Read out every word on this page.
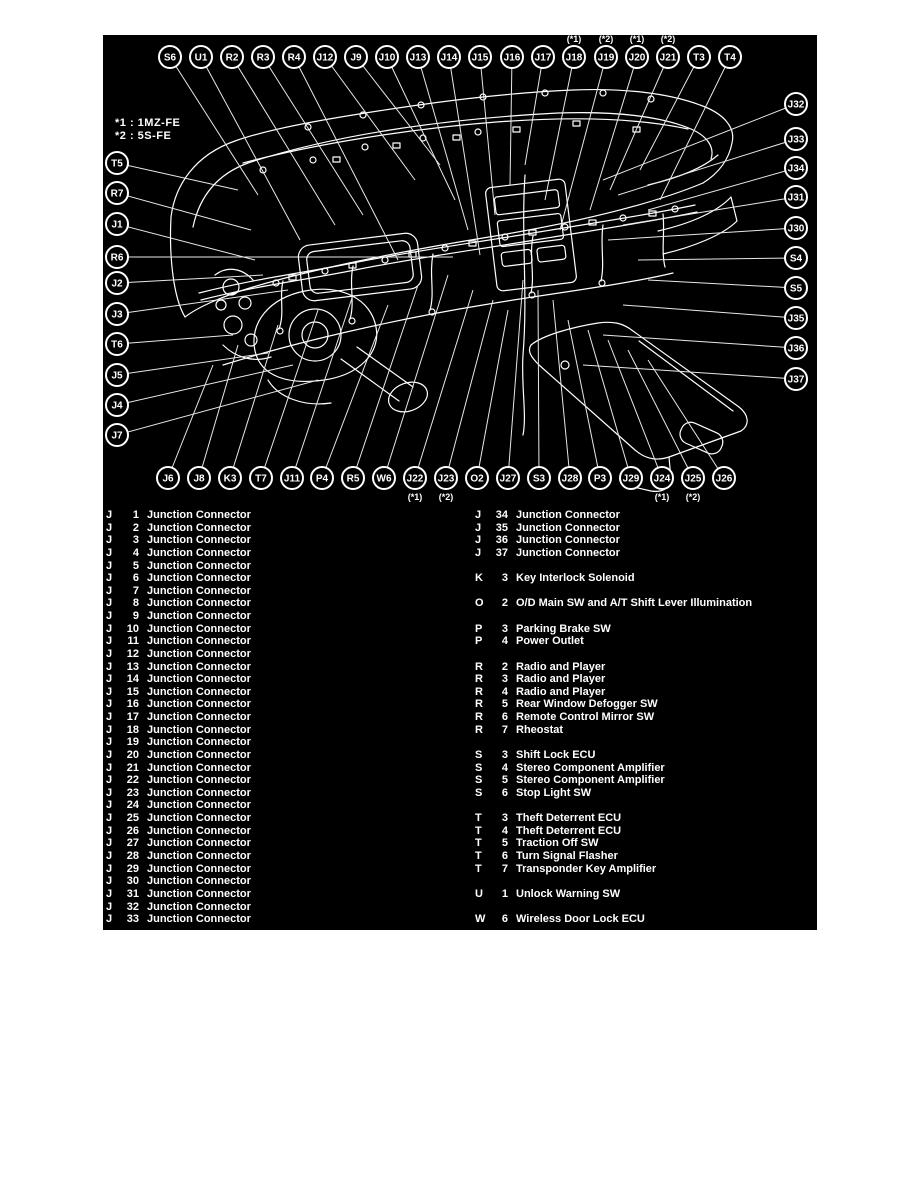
S6 U1 R2 R3 R4 J12 J9 J10 J13 J14 J15 J16 J17 J18
(*1)
J19
(*2)
J20
(*1)
J21
(*2)
T3 T4
T5
R7
J1
R6
J2
J3
T6
J5
J4
J7
J32
J33
J34
J31
J30
S4
S5
J35
J36
J37
J6 J8 K3 T7 J11 P4 R5 W6 J22
(*1)
J23
(*2)
O2 J27 S3 J28 P3 J29 J24
(*1)
J25
(*2)
J26
*1 : 1MZ-FE
*2 : 5S-FE
J 1 Junction Connector
J 2 Junction Connector
J 3 Junction Connector
J 4 Junction Connector
J 5 Junction Connector
J 6 Junction Connector
J 7 Junction Connector
J 8 Junction Connector
J 9 Junction Connector
J 10 Junction Connector
J 11 Junction Connector
J 12 Junction Connector
J 13 Junction Connector
J 14 Junction Connector
J 15 Junction Connector
J 16 Junction Connector
J 17 Junction Connector
J 18 Junction Connector
J 19 Junction Connector
J 20 Junction Connector
J 21 Junction Connector
J 22 Junction Connector
J 23 Junction Connector
J 24 Junction Connector
J 25 Junction Connector
J 26 Junction Connector
J 27 Junction Connector
J 28 Junction Connector
J 29 Junction Connector
J 30 Junction Connector
J 31 Junction Connector
J 32 Junction Connector
J 33 Junction Connector
J 34 Junction Connector
J 35 Junction Connector
J 36 Junction Connector
J 37 Junction Connector
K 3 Key Interlock Solenoid
O 2 O/D Main SW and A/T Shift Lever Illumination
P 3 Parking Brake SW
P 4 Power Outlet
R 2 Radio and Player
R 3 Radio and Player
R 4 Radio and Player
R 5 Rear Window Defogger SW
R 6 Remote Control Mirror SW
R 7 Rheostat
S 3 Shift Lock ECU
S 4 Stereo Component Amplifier
S 5 Stereo Component Amplifier
S 6 Stop Light SW
T 3 Theft Deterrent ECU
T 4 Theft Deterrent ECU
T 5 Traction Off SW
T 6 Turn Signal Flasher
T 7 Transponder Key Amplifier
U 1 Unlock Warning SW
W 6 Wireless Door Lock ECU
